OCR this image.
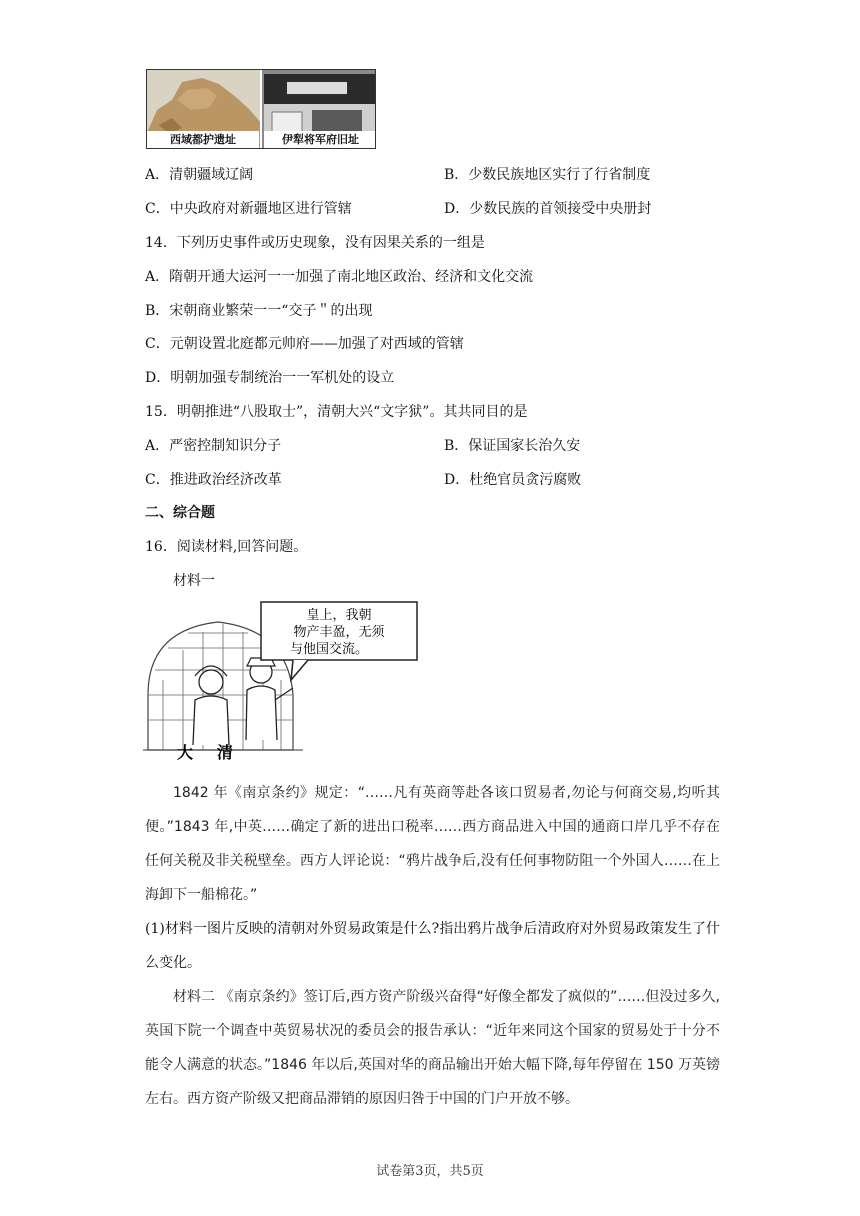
西域都护遗址	伊犁将军府旧址
A．清朝疆域辽阔	B．少数民族地区实行了行省制度
C．中央政府对新疆地区进行管辖	D．少数民族的首领接受中央册封
14．下列历史事件或历史现象，没有因果关系的一组是
A．隋朝开通大运河一一加强了南北地区政治、经济和文化交流
B．宋朝商业繁荣一一“交子＂的出现
C．元朝设置北庭都元帅府——加强了对西域的管辖
D．明朝加强专制统治一一军机处的设立
15．明朝推进“八股取士”，清朝大兴“文字狱”。其共同目的是
A．严密控制知识分子	B．保证国家长治久安
C．推进政治经济改革	D．杜绝官员贪污腐败
二、综合题
16．阅读材料,回答问题。
材料一
皇上，我朝
物产丰盈，无须
与他国交流。
大清
1842 年《南京条约》规定：“……凡有英商等赴各该口贸易者,勿论与何商交易,均听其便。”1843 年,中英……确定了新的进出口税率……西方商品进入中国的通商口岸几乎不存在任何关税及非关税壁垒。西方人评论说：“鸦片战争后,没有任何事物防阻一个外国人……在上海卸下一船棉花。”
(1)材料一图片反映的清朝对外贸易政策是什么?指出鸦片战争后清政府对外贸易政策发生了什么变化。
材料二 《南京条约》签订后,西方资产阶级兴奋得“好像全都发了疯似的”……但没过多久,英国下院一个调查中英贸易状况的委员会的报告承认：“近年来同这个国家的贸易处于十分不能令人满意的状态。”1846 年以后,英国对华的商品输出开始大幅下降,每年停留在 150 万英镑左右。西方资产阶级又把商品滞销的原因归咎于中国的门户开放不够。
试卷第3页，共5页
